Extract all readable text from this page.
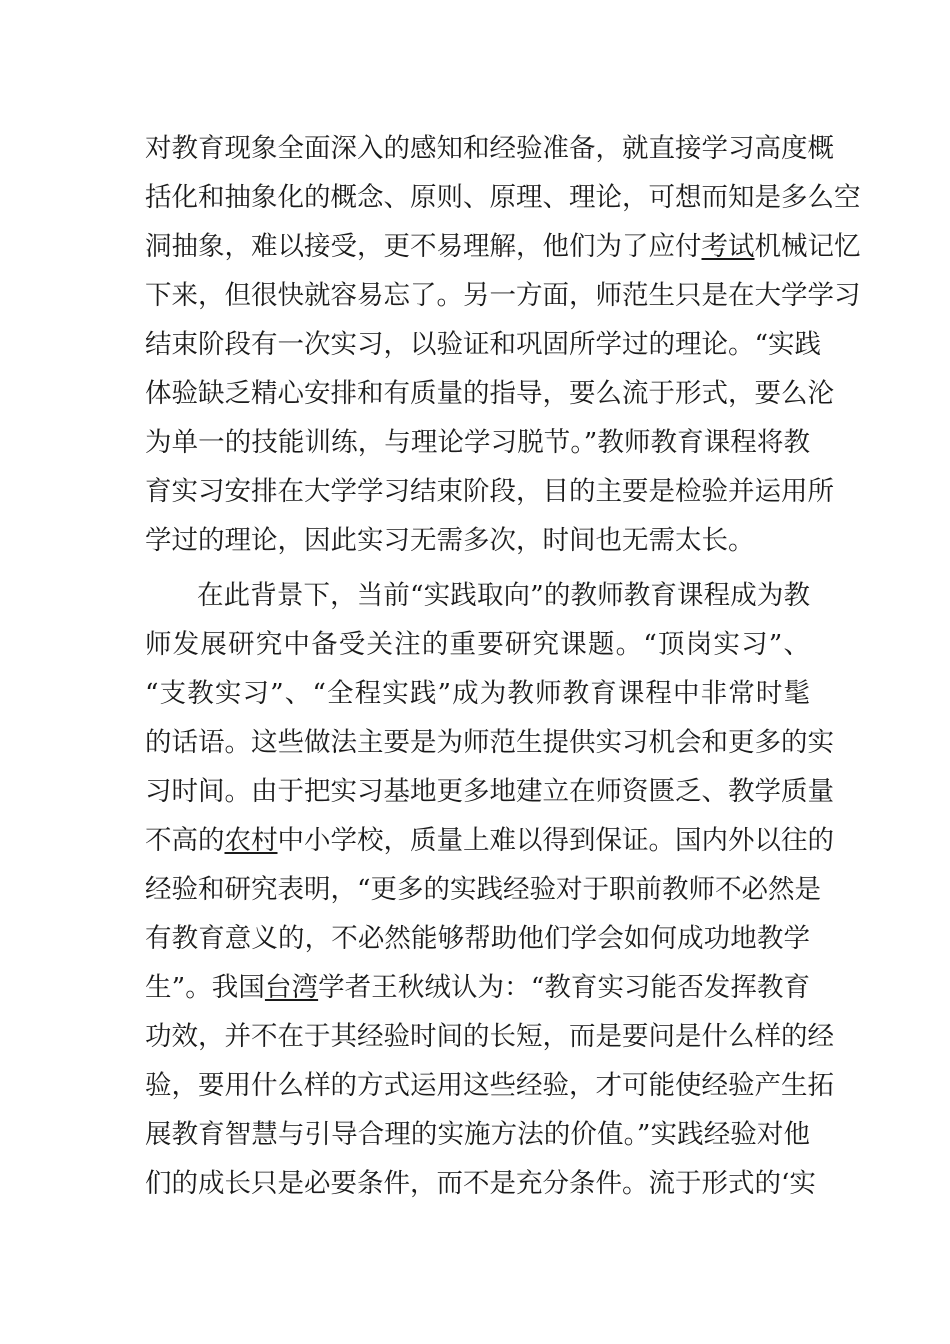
对教育现象全面深入的感知和经验准备，就直接学习高度概
括化和抽象化的概念、原则、原理、理论，可想而知是多么空
洞抽象，难以接受，更不易理解，他们为了应付考试机械记忆
下来，但很快就容易忘了。另一方面，师范生只是在大学学习
结束阶段有一次实习，以验证和巩固所学过的理论。“实践
体验缺乏精心安排和有质量的指导，要么流于形式，要么沦
为单一的技能训练，与理论学习脱节。”教师教育课程将教
育实习安排在大学学习结束阶段，目的主要是检验并运用所
学过的理论，因此实习无需多次，时间也无需太长。
在此背景下，当前“实践取向”的教师教育课程成为教
师发展研究中备受关注的重要研究课题。“顶岗实习”、
“支教实习”、“全程实践”成为教师教育课程中非常时髦
的话语。这些做法主要是为师范生提供实习机会和更多的实
习时间。由于把实习基地更多地建立在师资匮乏、教学质量
不高的农村中小学校，质量上难以得到保证。国内外以往的
经验和研究表明，“更多的实践经验对于职前教师不必然是
有教育意义的，不必然能够帮助他们学会如何成功地教学
生”。我国台湾学者王秋绒认为：“教育实习能否发挥教育
功效，并不在于其经验时间的长短，而是要问是什么样的经
验，要用什么样的方式运用这些经验，才可能使经验产生拓
展教育智慧与引导合理的实施方法的价值。”实践经验对他
们的成长只是必要条件，而不是充分条件。流于形式的‘实
